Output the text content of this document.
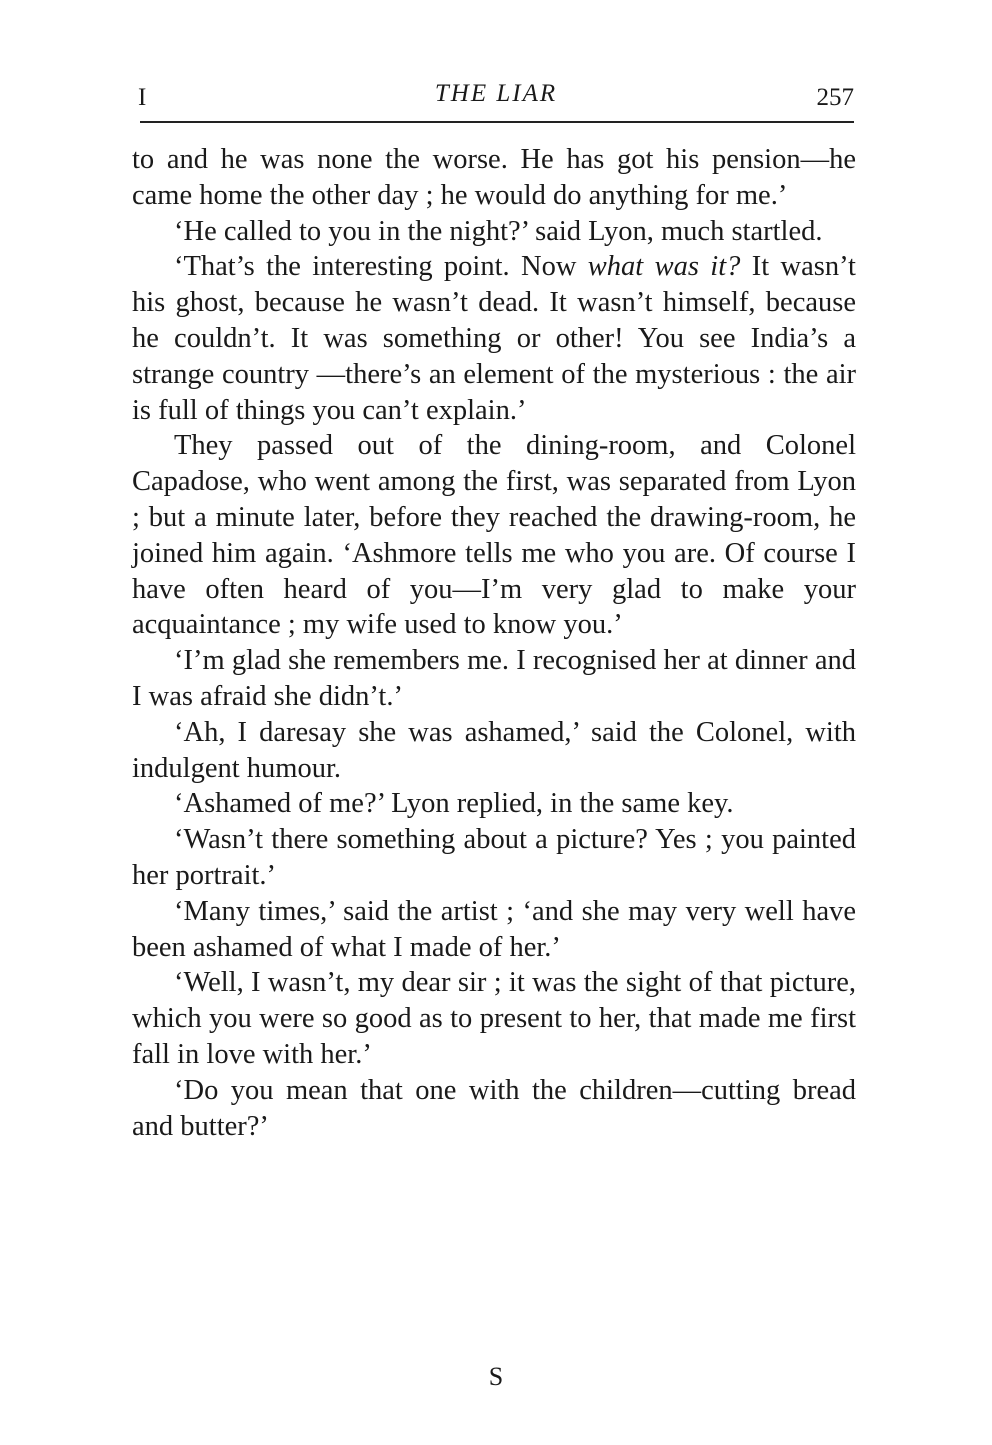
I	THE LIAR	257

to and he was none the worse. He has got his pension—he came home the other day ; he would do anything for me.’

‘He called to you in the night?’ said Lyon, much startled.

‘That’s the interesting point. Now what was it? It wasn’t his ghost, because he wasn’t dead. It wasn’t himself, because he couldn’t. It was something or other! You see India’s a strange country —there’s an element of the mysterious : the air is full of things you can’t explain.’

They passed out of the dining-room, and Colonel Capadose, who went among the first, was separated from Lyon ; but a minute later, before they reached the drawing-room, he joined him again. ‘Ashmore tells me who you are. Of course I have often heard of you—I’m very glad to make your acquaintance ; my wife used to know you.’

‘I’m glad she remembers me. I recognised her at dinner and I was afraid she didn’t.’

‘Ah, I daresay she was ashamed,’ said the Colonel, with indulgent humour.

‘Ashamed of me?’ Lyon replied, in the same key.

‘Wasn’t there something about a picture? Yes ; you painted her portrait.’

‘Many times,’ said the artist ; ‘and she may very well have been ashamed of what I made of her.’

‘Well, I wasn’t, my dear sir ; it was the sight of that picture, which you were so good as to present to her, that made me first fall in love with her.’

‘Do you mean that one with the children—cutting bread and butter?’

S
